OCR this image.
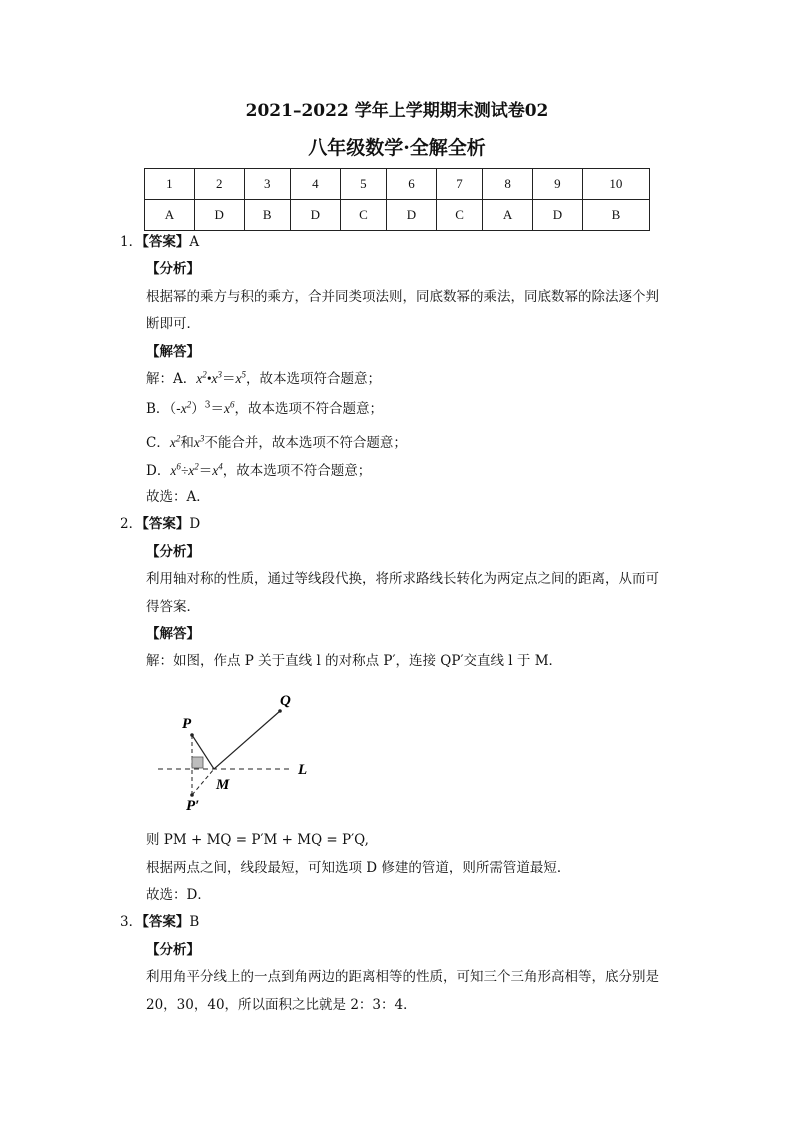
2021–2022 学年上学期期末测试卷02
八年级数学·全解全析
1	2	3	4	5	6	7	8	9	10
A	D	B	D	C	D	C	A	D	B
1．【答案】A
【分析】
根据幂的乘方与积的乘方，合并同类项法则，同底数幂的乘法，同底数幂的除法逐个判
断即可．
【解答】
解：A．$x^2•x^3=x^5$，故本选项符合题意；
B．$(-x^2)^3=x^6$，故本选项不符合题意；
C．$x^2$和$x^3$不能合并，故本选项不符合题意；
D．$x^6\div x^2=x^4$，故本选项不符合题意；
故选：A．
2．【答案】D
【分析】
利用轴对称的性质，通过等线段代换，将所求路线长转化为两定点之间的距离，从而可
得答案．
【解答】
解：如图，作点 P 关于直线 l 的对称点 P′，连接 QP′交直线 l 于 M．
P
Q
M
L
P′
则 PM + MQ = P′M + MQ = P′Q,
根据两点之间，线段最短，可知选项 D 修建的管道，则所需管道最短．
故选：D．
3．【答案】B
【分析】
利用角平分线上的一点到角两边的距离相等的性质，可知三个三角形高相等，底分别是
20，30，40，所以面积之比就是 2：3：4．
